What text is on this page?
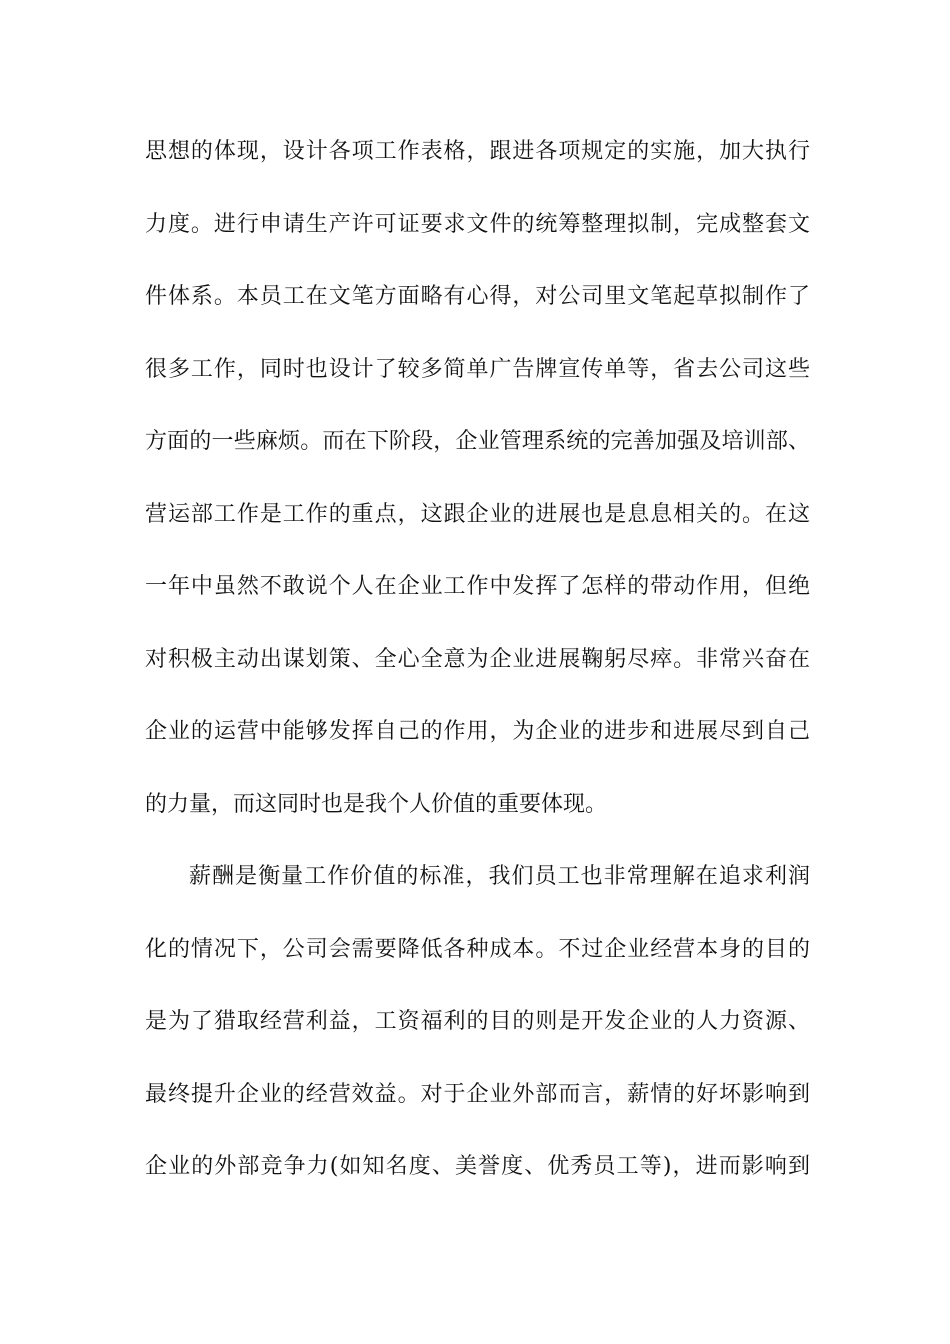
思想的体现，设计各项工作表格，跟进各项规定的实施，加大执行
力度。进行申请生产许可证要求文件的统筹整理拟制，完成整套文
件体系。本员工在文笔方面略有心得，对公司里文笔起草拟制作了
很多工作，同时也设计了较多简单广告牌宣传单等，省去公司这些
方面的一些麻烦。而在下阶段，企业管理系统的完善加强及培训部、
营运部工作是工作的重点，这跟企业的进展也是息息相关的。在这
一年中虽然不敢说个人在企业工作中发挥了怎样的带动作用，但绝
对积极主动出谋划策、全心全意为企业进展鞠躬尽瘁。非常兴奋在
企业的运营中能够发挥自己的作用，为企业的进步和进展尽到自己
的力量，而这同时也是我个人价值的重要体现。
薪酬是衡量工作价值的标准，我们员工也非常理解在追求利润
化的情况下，公司会需要降低各种成本。不过企业经营本身的目的
是为了猎取经营利益，工资福利的目的则是开发企业的人力资源、
最终提升企业的经营效益。对于企业外部而言，薪情的好坏影响到
企业的外部竞争力(如知名度、美誉度、优秀员工等)，进而影响到
